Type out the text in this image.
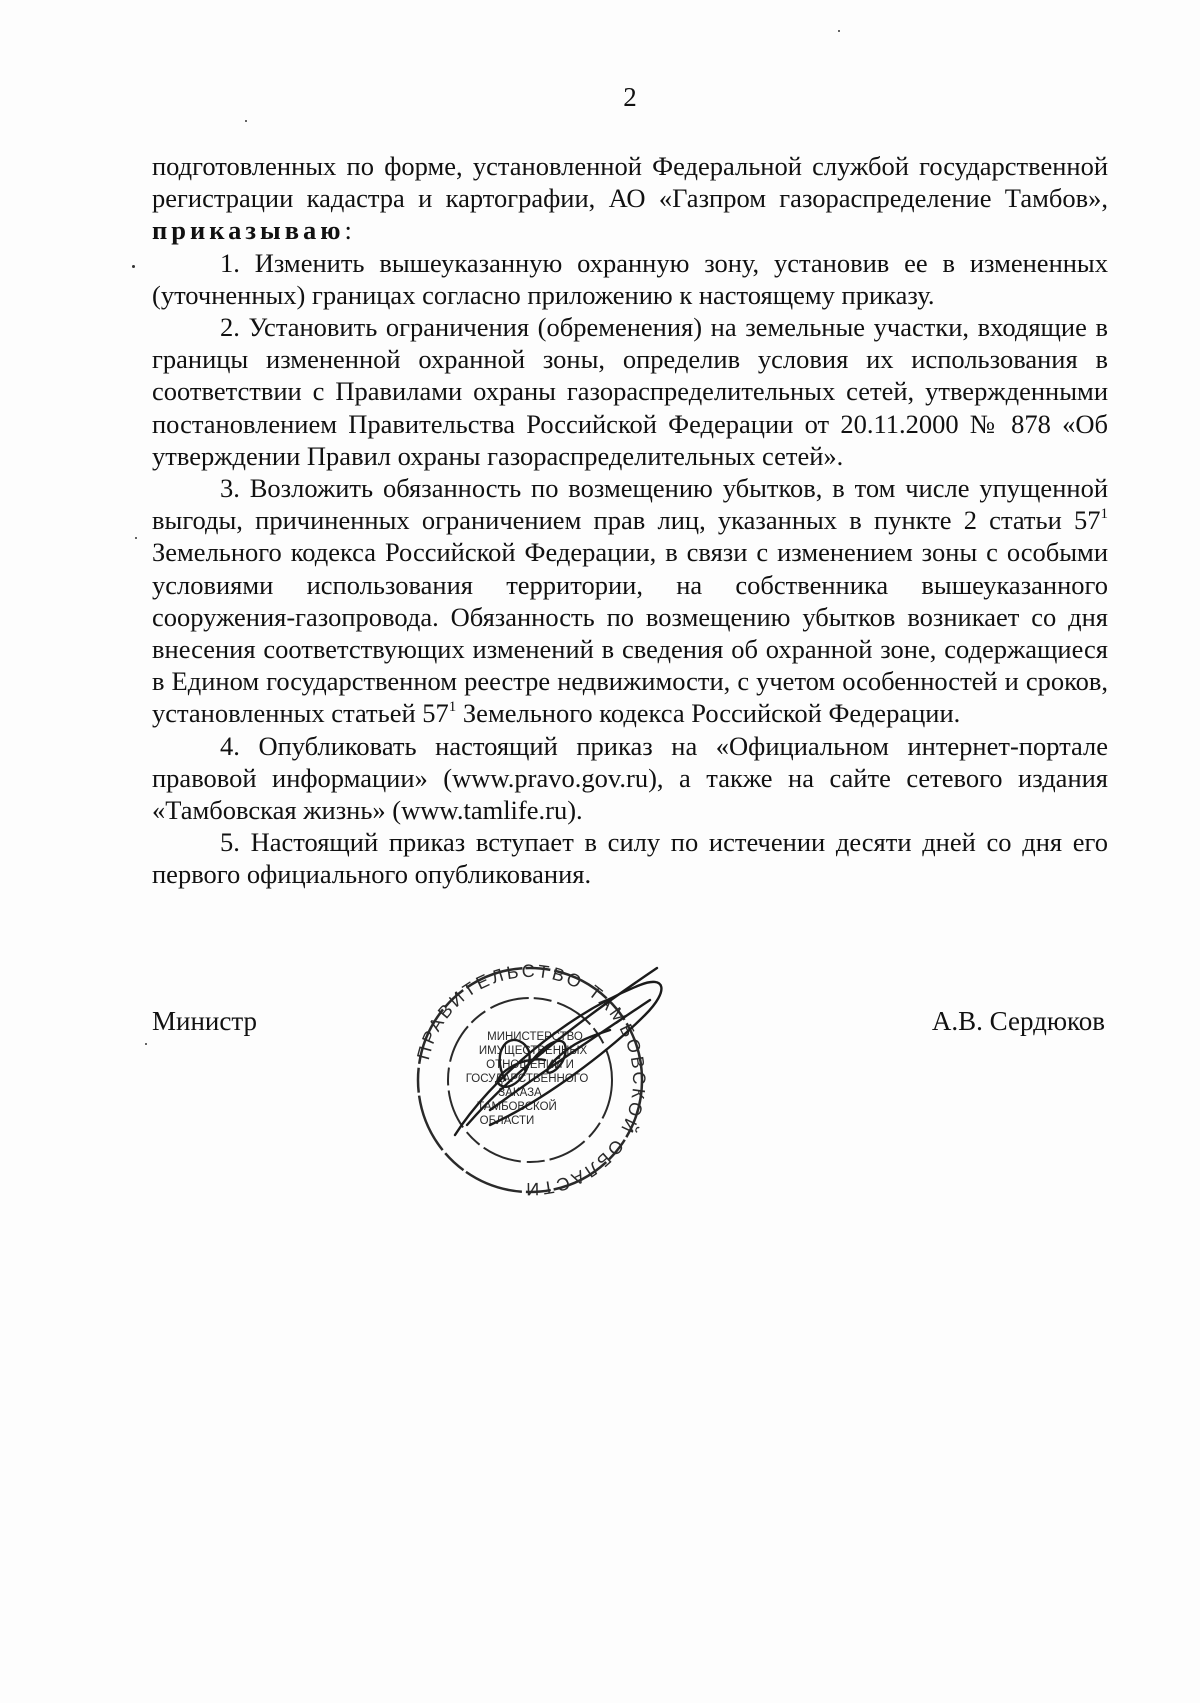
2

подготовленных по форме, установленной Федеральной службой государственной регистрации кадастра и картографии, АО «Газпром газораспределение Тамбов», приказываю:

1. Изменить вышеуказанную охранную зону, установив ее в измененных (уточненных) границах согласно приложению к настоящему приказу.

2. Установить ограничения (обременения) на земельные участки, входящие в границы измененной охранной зоны, определив условия их использования в соответствии с Правилами охраны газораспределительных сетей, утвержденными постановлением Правительства Российской Федерации от 20.11.2000 № 878 «Об утверждении Правил охраны газораспределительных сетей».

3. Возложить обязанность по возмещению убытков, в том числе упущенной выгоды, причиненных ограничением прав лиц, указанных в пункте 2 статьи $57^1$ Земельного кодекса Российской Федерации, в связи с изменением зоны с особыми условиями использования территории, на собственника вышеуказанного сооружения-газопровода. Обязанность по возмещению убытков возникает со дня внесения соответствующих изменений в сведения об охранной зоне, содержащиеся в Едином государственном реестре недвижимости, с учетом особенностей и сроков, установленных статьей $57^1$ Земельного кодекса Российской Федерации.

4. Опубликовать настоящий приказ на «Официальном интернет-портале правовой информации» (www.pravo.gov.ru), а также на сайте сетевого издания «Тамбовская жизнь» (www.tamlife.ru).

5. Настоящий приказ вступает в силу по истечении десяти дней со дня его первого официального опубликования.

Министр	А.В. Сердюков
ПРАВИТЕЛЬСТВО ТАМБОВСКОЙ ОБЛАСТИ
МИНИСТЕРСТВО
ИМУЩЕСТВЕННЫХ
ОТНОШЕНИЙ И
ГОСУДАРСТВЕННОГО
ЗАКАЗА
ТАМБОВСКОЙ
ОБЛАСТИ
